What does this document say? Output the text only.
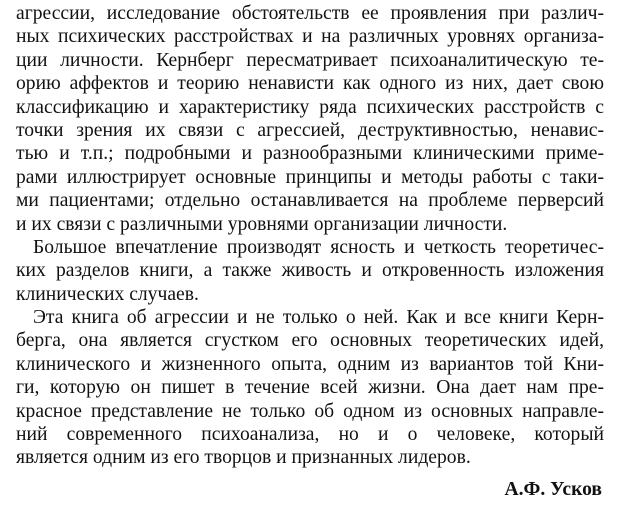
агрессии, исследование обстоятельств ее проявления при различ-
ных психических расстройствах и на различных уровнях организа-
ции личности. Кернберг пересматривает психоаналитическую те-
орию аффектов и теорию ненависти как одного из них, дает свою
классификацию и характеристику ряда психических расстройств с
точки зрения их связи с агрессией, деструктивностью, ненавис-
тью и т.п.; подробными и разнообразными клиническими приме-
рами иллюстрирует основные принципы и методы работы с таки-
ми пациентами; отдельно останавливается на проблеме перверсий
и их связи с различными уровнями организации личности.
Большое впечатление производят ясность и четкость теоретичес-
ких разделов книги, а также живость и откровенность изложения
клинических случаев.
Эта книга об агрессии и не только о ней. Как и все книги Керн-
берга, она является сгустком его основных теоретических идей,
клинического и жизненного опыта, одним из вариантов той Кни-
ги, которую он пишет в течение всей жизни. Она дает нам пре-
красное представление не только об одном из основных направле-
ний современного психоанализа, но и о человеке, который
является одним из его творцов и признанных лидеров.
А.Ф. Усков
